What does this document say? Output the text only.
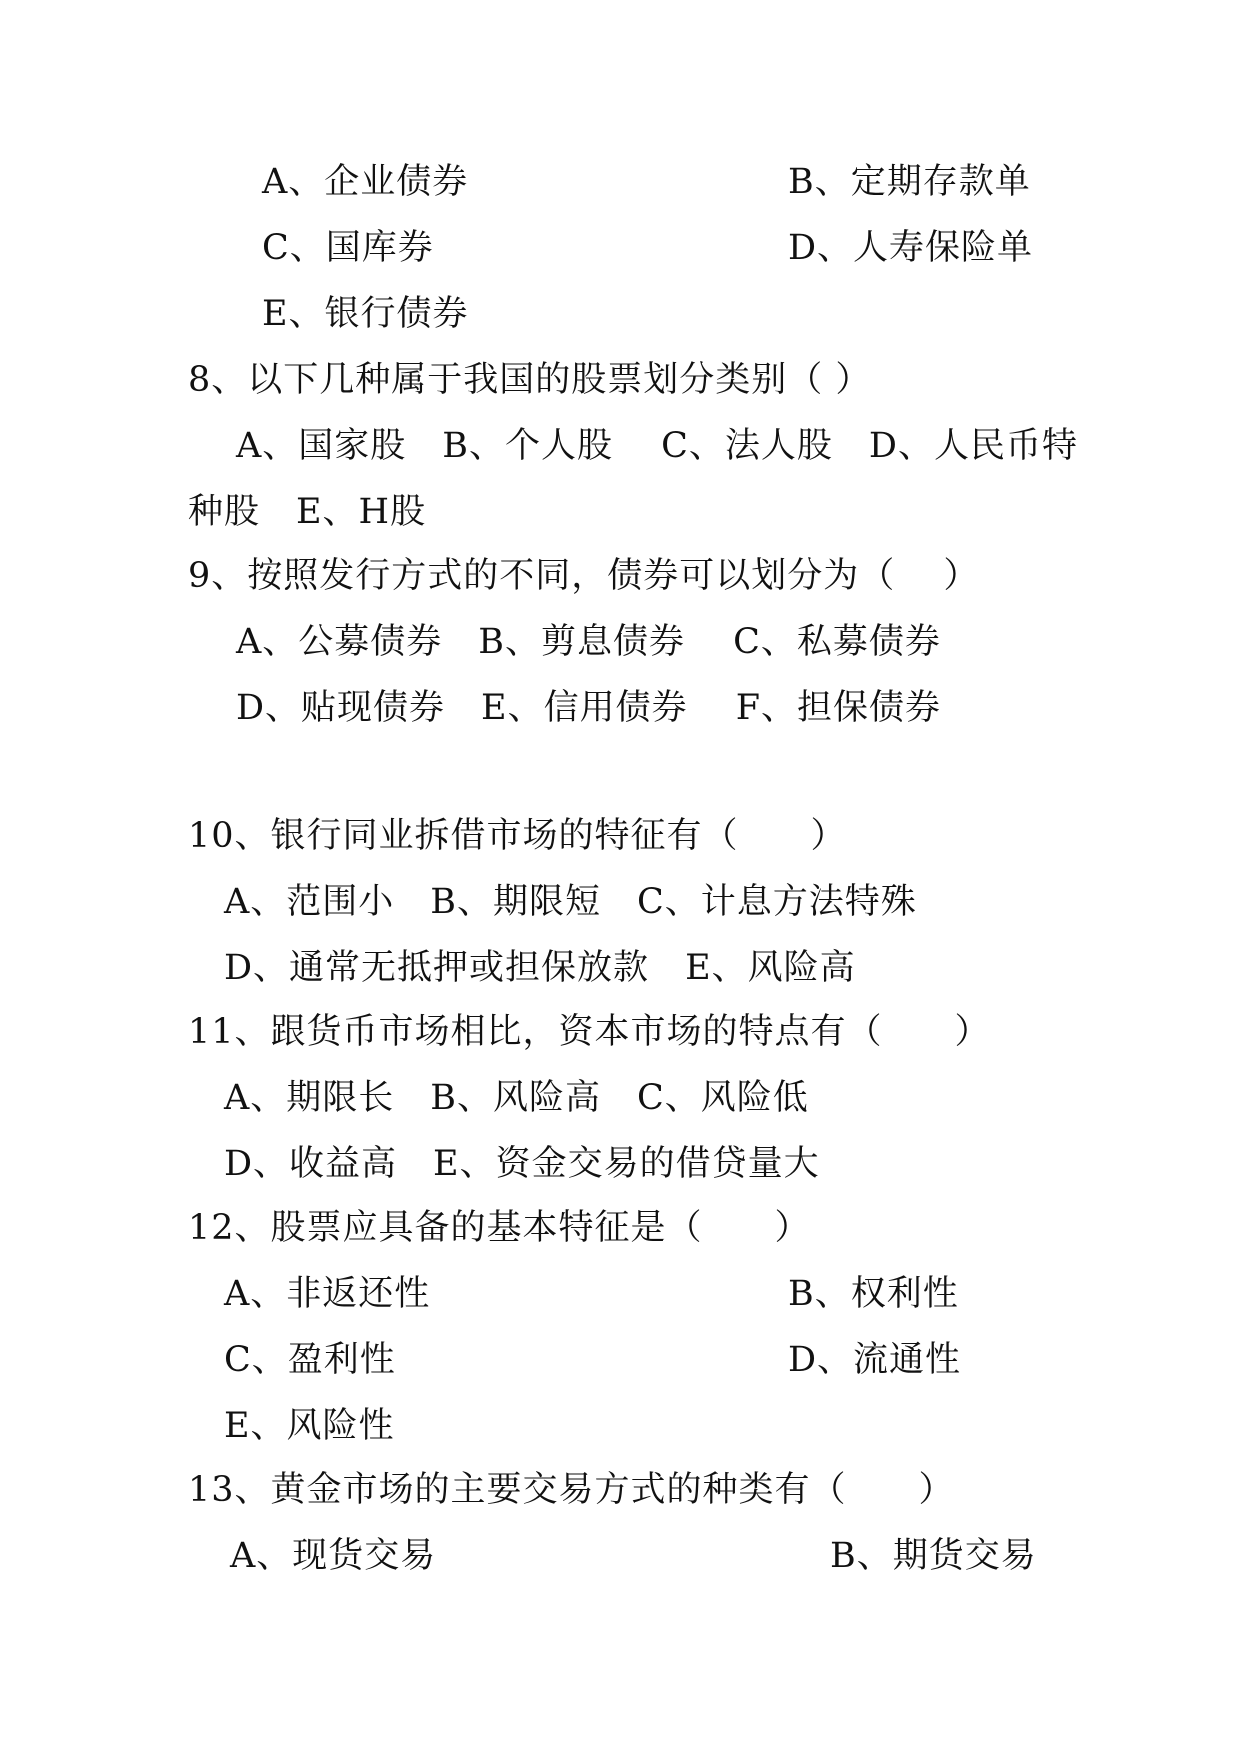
A、企业债券	B、定期存款单
C、国库券	D、人寿保险单
E、银行债券
8、以下几种属于我国的股票划分类别（ ）
A、国家股　B、个人股　 C、法人股　D、人民币特
种股　E、H股
9、按照发行方式的不同，债券可以划分为（　 ）
A、公募债券　B、剪息债券　 C、私募债券
D、贴现债券　E、信用债券　 F、担保债券
10、银行同业拆借市场的特征有（　　）
A、范围小　B、期限短　C、计息方法特殊
D、通常无抵押或担保放款　E、风险高
11、跟货币市场相比，资本市场的特点有（　　）
A、期限长　B、风险高　C、风险低
D、收益高　E、资金交易的借贷量大
12、股票应具备的基本特征是（　　）
A、非返还性	B、权利性
C、盈利性	D、流通性
E、风险性
13、黄金市场的主要交易方式的种类有（　　）
A、现货交易	B、期货交易
